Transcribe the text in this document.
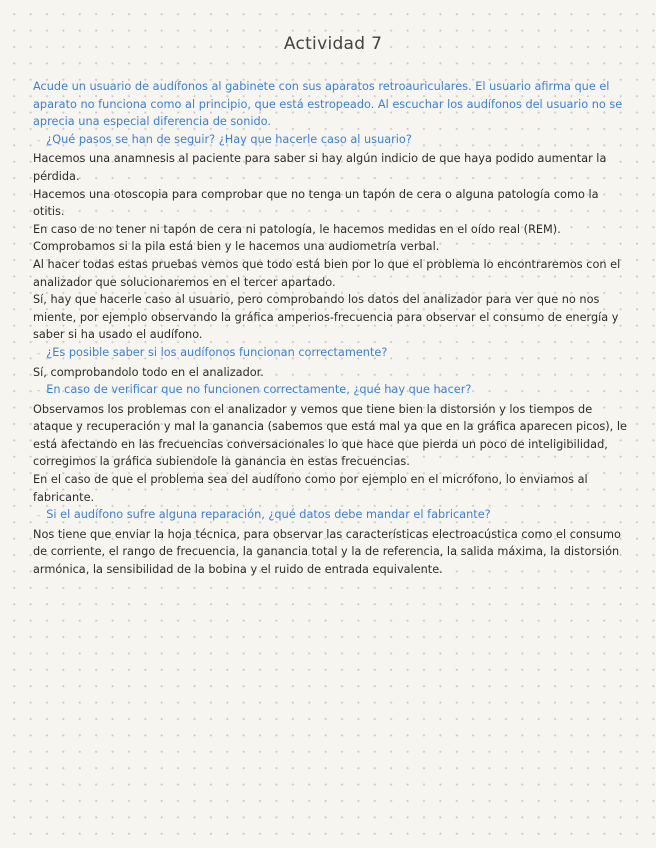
Actividad 7

Acude un usuario de audífonos al gabinete con sus aparatos retroauriculares. El usuario afirma que el aparato no funciona como al principio, que está estropeado. Al escuchar los audífonos del usuario no se aprecia una especial diferencia de sonido.

- ¿Qué pasos se han de seguir? ¿Hay que hacerle caso al usuario?

Hacemos una anamnesis al paciente para saber si hay algún indicio de que haya podido aumentar la pérdida.

Hacemos una otoscopia para comprobar que no tenga un tapón de cera o alguna patología como la otitis.

En caso de no tener ni tapón de cera ni patología, le hacemos medidas en el oído real (REM).

Comprobamos si la pila está bien y le hacemos una audiometría verbal.

Al hacer todas estas pruebas vemos que todo está bien por lo que el problema lo encontraremos con el analizador que solucionaremos en el tercer apartado.

Sí, hay que hacerle caso al usuario, pero comprobando los datos del analizador para ver que no nos miente, por ejemplo observando la gráfica amperios-frecuencia para observar el consumo de energía y saber si ha usado el audífono.

- ¿Es posible saber si los audífonos funcionan correctamente?

Sí, comprobandolo todo en el analizador.

- En caso de verificar que no funcionen correctamente, ¿qué hay que hacer?

Observamos los problemas con el analizador y vemos que tiene bien la distorsión y los tiempos de ataque y recuperación y mal la ganancia (sabemos que está mal ya que en la gráfica aparecen picos), le está afectando en las frecuencias conversacionales lo que hace que pierda un poco de inteligibilidad, corregimos la gráfica subiendole la ganancia en estas frecuencias.

En el caso de que el problema sea del audífono como por ejemplo en el micrófono, lo enviamos al fabricante.

- Si el audífono sufre alguna reparación, ¿qué datos debe mandar el fabricante?

Nos tiene que enviar la hoja técnica, para observar las características electroacústica como el consumo de corriente, el rango de frecuencia, la ganancia total y la de referencia, la salida máxima, la distorsión armónica, la sensibilidad de la bobina y el ruido de entrada equivalente.
